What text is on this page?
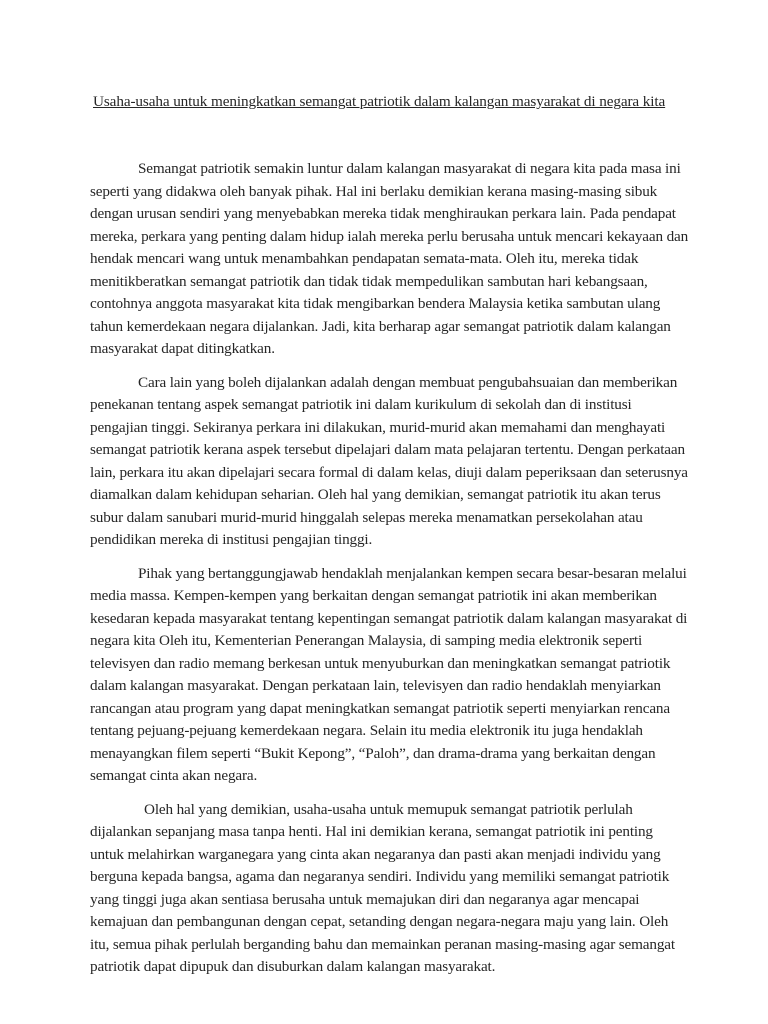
Usaha-usaha untuk meningkatkan semangat patriotik dalam kalangan masyarakat di negara kita

Semangat patriotik semakin luntur dalam kalangan masyarakat di negara kita pada masa ini seperti yang didakwa oleh banyak pihak. Hal ini berlaku demikian kerana masing-masing sibuk dengan urusan sendiri yang menyebabkan mereka tidak menghiraukan perkara lain. Pada pendapat mereka, perkara yang penting dalam hidup ialah mereka perlu berusaha untuk mencari kekayaan dan hendak mencari wang untuk menambahkan pendapatan semata-mata. Oleh itu, mereka tidak menitikberatkan semangat patriotik dan tidak tidak mempedulikan sambutan hari kebangsaan, contohnya anggota masyarakat kita tidak mengibarkan bendera Malaysia ketika sambutan ulang tahun kemerdekaan negara dijalankan. Jadi, kita berharap agar semangat patriotik dalam kalangan masyarakat dapat ditingkatkan.

Cara lain yang boleh dijalankan adalah dengan membuat pengubahsuaian dan memberikan penekanan tentang aspek semangat patriotik ini dalam kurikulum di sekolah dan di institusi pengajian tinggi. Sekiranya perkara ini dilakukan, murid-murid akan memahami dan menghayati semangat patriotik kerana aspek tersebut dipelajari dalam mata pelajaran tertentu. Dengan perkataan lain, perkara itu akan dipelajari secara formal di dalam kelas, diuji dalam peperiksaan dan seterusnya diamalkan dalam kehidupan seharian. Oleh hal yang demikian, semangat patriotik itu akan terus subur dalam sanubari murid-murid hinggalah selepas mereka menamatkan persekolahan atau pendidikan mereka di institusi pengajian tinggi.

Pihak yang bertanggungjawab hendaklah menjalankan kempen secara besar-besaran melalui media massa. Kempen-kempen yang berkaitan dengan semangat patriotik ini akan memberikan kesedaran kepada masyarakat tentang kepentingan semangat patriotik dalam kalangan masyarakat di negara kita Oleh itu, Kementerian Penerangan Malaysia, di samping media elektronik seperti televisyen dan radio memang berkesan untuk menyuburkan dan meningkatkan semangat patriotik dalam kalangan masyarakat. Dengan perkataan lain, televisyen dan radio hendaklah menyiarkan rancangan atau program yang dapat meningkatkan semangat patriotik seperti menyiarkan rencana tentang pejuang-pejuang kemerdekaan negara. Selain itu media elektronik itu juga hendaklah menayangkan filem seperti “Bukit Kepong”, “Paloh”, dan drama-drama yang berkaitan dengan semangat cinta akan negara.

Oleh hal yang demikian, usaha-usaha untuk memupuk semangat patriotik perlulah dijalankan sepanjang masa tanpa henti. Hal ini demikian kerana, semangat patriotik ini penting untuk melahirkan warganegara yang cinta akan negaranya dan pasti akan menjadi individu yang berguna kepada bangsa, agama dan negaranya sendiri. Individu yang memiliki semangat patriotik yang tinggi juga akan sentiasa berusaha untuk memajukan diri dan negaranya agar mencapai kemajuan dan pembangunan dengan cepat, setanding dengan negara-negara maju yang lain. Oleh itu, semua pihak perlulah berganding bahu dan memainkan peranan masing-masing agar semangat patriotik dapat dipupuk dan disuburkan dalam kalangan masyarakat.
